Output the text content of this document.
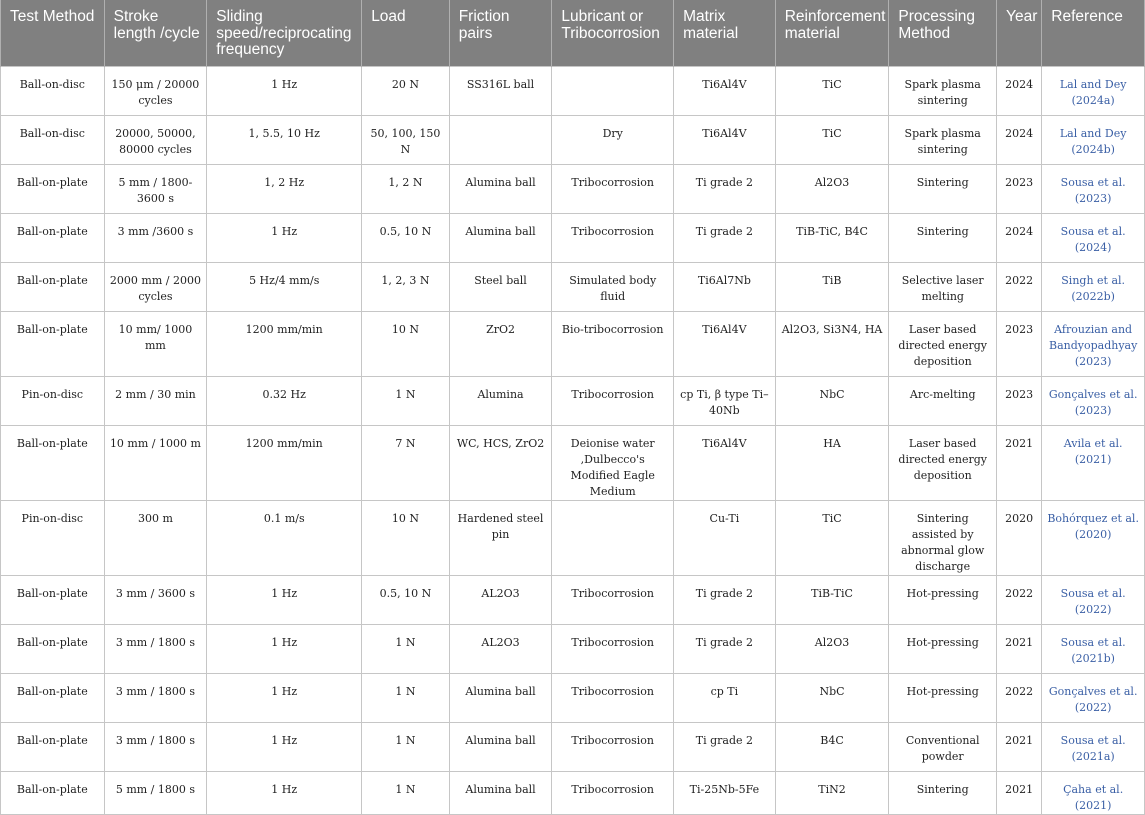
Test Method	Stroke length /cycle	Sliding speed/reciprocating frequency	Load	Friction pairs	Lubricant or Tribocorrosion	Matrix material	Reinforcement material	Processing Method	Year	Reference
Ball-on-disc	150 μm / 20000 cycles	1 Hz	20 N	SS316L ball		Ti6Al4V	TiC	Spark plasma sintering	2024	Lal and Dey (2024a)
Ball-on-disc	20000, 50000, 80000 cycles	1, 5.5, 10 Hz	50, 100, 150 N		Dry	Ti6Al4V	TiC	Spark plasma sintering	2024	Lal and Dey (2024b)
Ball-on-plate	5 mm / 1800-3600 s	1, 2 Hz	1, 2 N	Alumina ball	Tribocorrosion	Ti grade 2	Al2O3	Sintering	2023	Sousa et al. (2023)
Ball-on-plate	3 mm /3600 s	1 Hz	0.5, 10 N	Alumina ball	Tribocorrosion	Ti grade 2	TiB-TiC, B4C	Sintering	2024	Sousa et al. (2024)
Ball-on-plate	2000 mm / 2000 cycles	5 Hz/4 mm/s	1, 2, 3 N	Steel ball	Simulated body fluid	Ti6Al7Nb	TiB	Selective laser melting	2022	Singh et al. (2022b)
Ball-on-plate	10 mm/ 1000 mm	1200 mm/min	10 N	ZrO2	Bio-tribocorrosion	Ti6Al4V	Al2O3, Si3N4, HA	Laser based directed energy deposition	2023	Afrouzian and Bandyopadhyay (2023)
Pin-on-disc	2 mm / 30 min	0.32 Hz	1 N	Alumina	Tribocorrosion	cp Ti, β type Ti–40Nb	NbC	Arc-melting	2023	Gonçalves et al. (2023)
Ball-on-plate	10 mm / 1000 m	1200 mm/min	7 N	WC, HCS, ZrO2	Deionise water ,Dulbecco's Modified Eagle Medium	Ti6Al4V	HA	Laser based directed energy deposition	2021	Avila et al. (2021)
Pin-on-disc	300 m	0.1 m/s	10 N	Hardened steel pin		Cu-Ti	TiC	Sintering assisted by abnormal glow discharge	2020	Bohórquez et al. (2020)
Ball-on-plate	3 mm / 3600 s	1 Hz	0.5, 10 N	AL2O3	Tribocorrosion	Ti grade 2	TiB-TiC	Hot-pressing	2022	Sousa et al. (2022)
Ball-on-plate	3 mm / 1800 s	1 Hz	1 N	AL2O3	Tribocorrosion	Ti grade 2	Al2O3	Hot-pressing	2021	Sousa et al. (2021b)
Ball-on-plate	3 mm / 1800 s	1 Hz	1 N	Alumina ball	Tribocorrosion	cp Ti	NbC	Hot-pressing	2022	Gonçalves et al. (2022)
Ball-on-plate	3 mm / 1800 s	1 Hz	1 N	Alumina ball	Tribocorrosion	Ti grade 2	B4C	Conventional powder	2021	Sousa et al. (2021a)
Ball-on-plate	5 mm / 1800 s	1 Hz	1 N	Alumina ball	Tribocorrosion	Ti-25Nb-5Fe	TiN2	Sintering	2021	Çaha et al. (2021)
